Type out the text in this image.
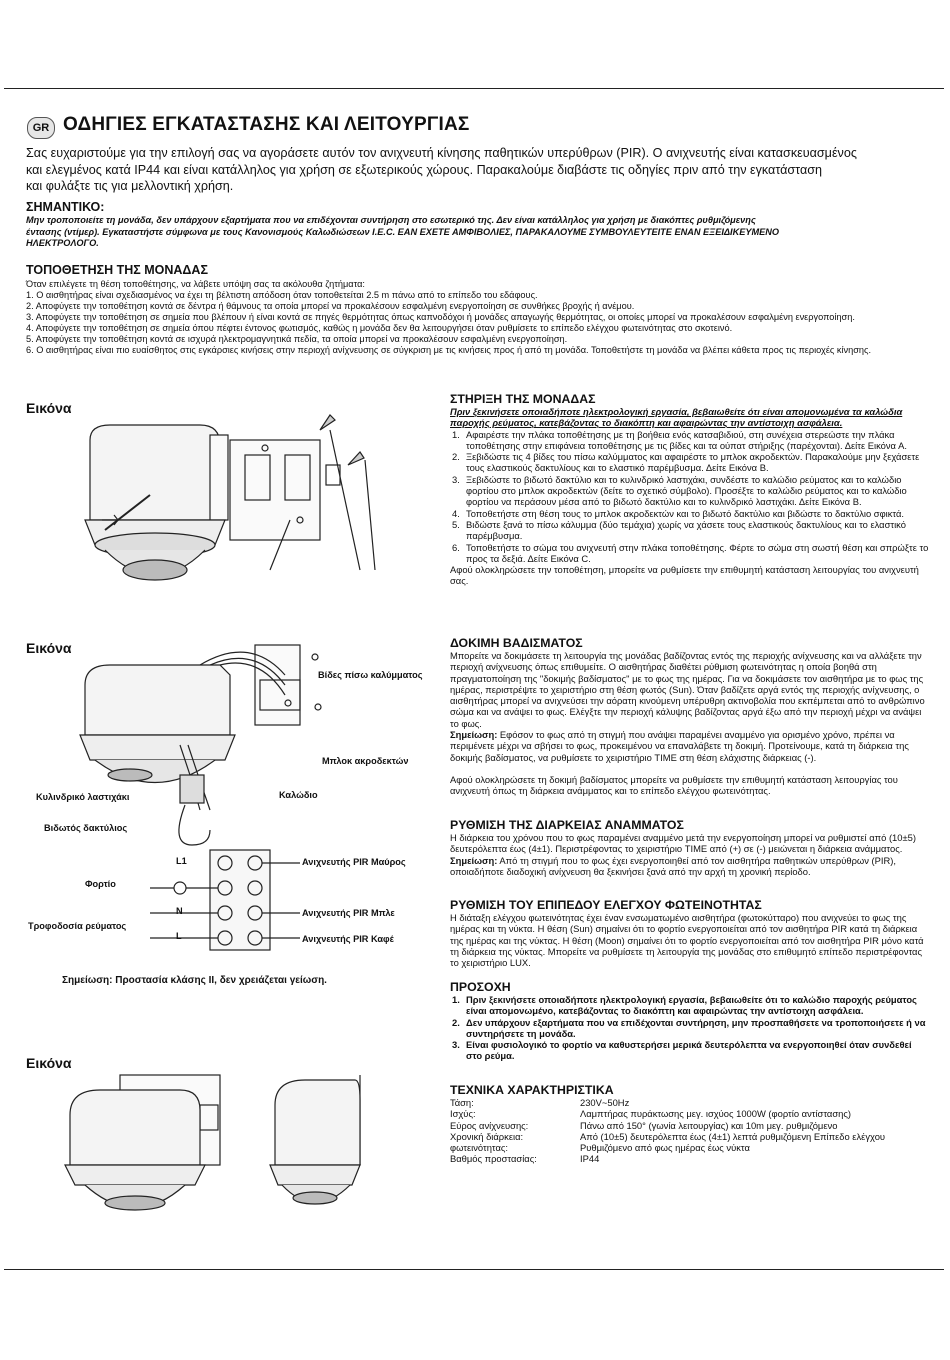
GR ΟΔΗΓΙΕΣ ΕΓΚΑΤΑΣΤΑΣΗΣ ΚΑΙ ΛΕΙΤΟΥΡΓΙΑΣ

Σας ευχαριστούμε για την επιλογή σας να αγοράσετε αυτόν τον ανιχνευτή κίνησης παθητικών υπερύθρων (PIR). Ο ανιχνευτής είναι κατασκευασμένος

και ελεγμένος κατά IP44 και είναι κατάλληλος για χρήση σε εξωτερικούς χώρους. Παρακαλούμε διαβάστε τις οδηγίες πριν από την εγκατάσταση

και φυλάξτε τις για μελλοντική χρήση.

ΣΗΜΑΝΤΙΚΟ:

Μην τροποποιείτε τη μονάδα, δεν υπάρχουν εξαρτήματα που να επιδέχονται συντήρηση στο εσωτερικό της. Δεν είναι κατάλληλος για χρήση με διακόπτες ρυθμιζόμενης
έντασης (ντίμερ). Εγκαταστήστε σύμφωνα με τους Κανονισμούς Καλωδιώσεων I.E.C. ΕΑΝ ΕΧΕΤΕ ΑΜΦΙΒΟΛΙΕΣ, ΠΑΡΑΚΑΛΟΥΜΕ ΣΥΜΒΟΥΛΕΥΤΕΙΤΕ ΕΝΑΝ ΕΞΕΙΔΙΚΕΥΜΕΝΟ
ΗΛΕΚΤΡΟΛΟΓΟ.

ΤΟΠΟΘΕΤΗΣΗ ΤΗΣ ΜΟΝΑΔΑΣ

Όταν επιλέγετε τη θέση τοποθέτησης, να λάβετε υπόψη σας τα ακόλουθα ζητήματα:
1. Ο αισθητήρας είναι σχεδιασμένος να έχει τη βέλτιστη απόδοση όταν τοποθετείται 2.5 m πάνω από το επίπεδο του εδάφους.
2. Αποφύγετε την τοποθέτηση κοντά σε δέντρα ή θάμνους τα οποία μπορεί να προκαλέσουν εσφαλμένη ενεργοποίηση σε συνθήκες βροχής ή ανέμου.
3. Αποφύγετε την τοποθέτηση σε σημεία που βλέπουν ή είναι κοντά σε πηγές θερμότητας όπως καπνοδόχοι ή μονάδες απαγωγής θερμότητας, οι οποίες μπορεί να προκαλέσουν εσφαλμένη ενεργοποίηση.
4. Αποφύγετε την τοποθέτηση σε σημεία όπου πέφτει έντονος φωτισμός, καθώς η μονάδα δεν θα λειτουργήσει όταν ρυθμίσετε το επίπεδο ελέγχου φωτεινότητας στο σκοτεινό.
5. Αποφύγετε την τοποθέτηση κοντά σε ισχυρά ηλεκτρομαγνητικά πεδία, τα οποία μπορεί να προκαλέσουν εσφαλμένη ενεργοποίηση.
6. Ο αισθητήρας είναι πιο ευαίσθητος στις εγκάρσιες κινήσεις στην περιοχή ανίχνευσης σε σύγκριση με τις κινήσεις προς ή από τη μονάδα. Τοποθετήστε τη μονάδα να βλέπει κάθετα προς τις περιοχές κίνησης.
Εικόνα
Εικόνα
Βίδες πίσω καλύμματος
Μπλοκ ακροδεκτών
Κυλινδρικό λαστιχάκι
Βιδωτός δακτύλιος
Καλώδιο
L1
N
L
Φορτίο
Τροφοδοσία ρεύματος
Ανιχνευτής PIR Μαύρος
Ανιχνευτής PIR Μπλε
Ανιχνευτής PIR Καφέ
Σημείωση: Προστασία κλάσης II, δεν χρειάζεται γείωση.
Εικόνα

ΣΤΗΡΙΞΗ ΤΗΣ ΜΟΝΑΔΑΣ

Πριν ξεκινήσετε οποιαδήποτε ηλεκτρολογική εργασία, βεβαιωθείτε ότι είναι απομονωμένα τα καλώδια παροχής ρεύματος, κατεβάζοντας το διακόπτη και αφαιρώντας την αντίστοιχη ασφάλεια.

1. Αφαιρέστε την πλάκα τοποθέτησης με τη βοήθεια ενός κατσαβιδιού, στη συνέχεια στερεώστε την πλάκα τοποθέτησης στην επιφάνεια τοποθέτησης με τις βίδες και τα ούπατ στήριξης (παρέχονται). Δείτε Εικόνα Α.
2. Ξεβιδώστε τις 4 βίδες του πίσω καλύμματος και αφαιρέστε το μπλοκ ακροδεκτών. Παρακαλούμε μην ξεχάσετε τους ελαστικούς δακτυλίους και το ελαστικό παρέμβυσμα. Δείτε Εικόνα Β.
3. Ξεβιδώστε το βιδωτό δακτύλιο και το κυλινδρικό λαστιχάκι, συνδέστε το καλώδιο ρεύματος και το καλώδιο φορτίου στο μπλοκ ακροδεκτών (δείτε το σχετικό σύμβολο). Προσέξτε το καλώδιο ρεύματος και το καλώδιο φορτίου να περάσουν μέσα από το βιδωτό δακτύλιο και το κυλινδρικό λαστιχάκι. Δείτε Εικόνα Β.
4. Τοποθετήστε στη θέση τους το μπλοκ ακροδεκτών και το βιδωτό δακτύλιο και βιδώστε το δακτύλιο σφικτά.
5. Βιδώστε ξανά το πίσω κάλυμμα (δύο τεμάχια) χωρίς να χάσετε τους ελαστικούς δακτυλίους και το ελαστικό παρέμβυσμα.
6. Τοποθετήστε το σώμα του ανιχνευτή στην πλάκα τοποθέτησης. Φέρτε το σώμα στη σωστή θέση και σπρώξτε το προς τα δεξιά. Δείτε Εικόνα C.

Αφού ολοκληρώσετε την τοποθέτηση, μπορείτε να ρυθμίσετε την επιθυμητή κατάσταση λειτουργίας του ανιχνευτή σας.

ΔΟΚΙΜΗ ΒΑΔΙΣΜΑΤΟΣ

Μπορείτε να δοκιμάσετε τη λειτουργία της μονάδας βαδίζοντας εντός της περιοχής ανίχνευσης και να αλλάξετε την περιοχή ανίχνευσης όπως επιθυμείτε. Ο αισθητήρας διαθέτει ρύθμιση φωτεινότητας η οποία βοηθά στη πραγματοποίηση της "δοκιμής βαδίσματος" με το φως της ημέρας. Για να δοκιμάσετε τον αισθητήρα με το φως της ημέρας, περιστρέψτε το χειριστήριο στη θέση φωτός (Sun). Όταν βαδίζετε αργά εντός της περιοχής ανίχνευσης, ο αισθητήρας μπορεί να ανιχνεύσει την αόρατη κινούμενη υπέρυθρη ακτινοβολία που εκπέμπεται από το ανθρώπινο σώμα και να ανάψει το φως. Ελέγξτε την περιοχή κάλυψης βαδίζοντας αργά έξω από την περιοχή μέχρι να ανάψει το φως.

Σημείωση: Εφόσον το φως από τη στιγμή που ανάψει παραμένει αναμμένο για ορισμένο χρόνο, πρέπει να περιμένετε μέχρι να σβήσει το φως, προκειμένου να επαναλάβετε τη δοκιμή. Προτείνουμε, κατά τη διάρκεια της δοκιμής βαδίσματος, να ρυθμίσετε το χειριστήριο TIME στη θέση ελάχιστης διάρκειας (-).

Αφού ολοκληρώσετε τη δοκιμή βαδίσματος μπορείτε να ρυθμίσετε την επιθυμητή κατάσταση λειτουργίας του ανιχνευτή όπως τη διάρκεια ανάμματος και το επίπεδο ελέγχου φωτεινότητας.

ΡΥΘΜΙΣΗ ΤΗΣ ΔΙΑΡΚΕΙΑΣ ΑΝΑΜΜΑΤΟΣ

Η διάρκεια του χρόνου που το φως παραμένει αναμμένο μετά την ενεργοποίηση μπορεί να ρυθμιστεί από (10±5) δευτερόλεπτα έως (4±1). Περιστρέφοντας το χειριστήριο TIME από (+) σε (-) μειώνεται η διάρκεια ανάμματος.

Σημείωση: Από τη στιγμή που το φως έχει ενεργοποιηθεί από τον αισθητήρα παθητικών υπερύθρων (PIR), οποιαδήποτε διαδοχική ανίχνευση θα ξεκινήσει ξανά από την αρχή τη χρονική περίοδο.

ΡΥΘΜΙΣΗ ΤΟΥ ΕΠΙΠΕΔΟΥ ΕΛΕΓΧΟΥ ΦΩΤΕΙΝΟΤΗΤΑΣ

Η διάταξη ελέγχου φωτεινότητας έχει έναν ενσωματωμένο αισθητήρα (φωτοκύτταρο) που ανιχνεύει το φως της ημέρας και τη νύκτα. Η θέση (Sun) σημαίνει ότι το φορτίο ενεργοποιείται από τον αισθητήρα PIR κατά τη διάρκεια της ημέρας και της νύκτας. Η θέση (Moon) σημαίνει ότι το φορτίο ενεργοποιείται από τον αισθητήρα PIR μόνο κατά τη διάρκεια της νύκτας. Μπορείτε να ρυθμίσετε τη λειτουργία της μονάδας στο επιθυμητό επίπεδο περιστρέφοντας το χειριστήριο LUX.

ΠΡΟΣΟΧΗ

1. Πριν ξεκινήσετε οποιαδήποτε ηλεκτρολογική εργασία, βεβαιωθείτε ότι το καλώδιο παροχής ρεύματος είναι απομονωμένο, κατεβάζοντας το διακόπτη και αφαιρώντας την αντίστοιχη ασφάλεια.
2. Δεν υπάρχουν εξαρτήματα που να επιδέχονται συντήρηση, μην προσπαθήσετε να τροποποιήσετε ή να συντηρήσετε τη μονάδα.
3. Είναι φυσιολογικό το φορτίο να καθυστερήσει μερικά δευτερόλεπτα να ενεργοποιηθεί όταν συνδεθεί στο ρεύμα.

ΤΕΧΝΙΚΑ ΧΑΡΑΚΤΗΡΙΣΤΙΚΑ

Τάση:	230V~50Hz
Ισχύς:	Λαμπτήρας πυράκτωσης μεγ. ισχύος 1000W (φορτίο αντίστασης)
Εύρος ανίχνευσης:	Πάνω από 150° (γωνία λειτουργίας) και 10m μεγ. ρυθμιζόμενο
Χρονική διάρκεια:	Από (10±5) δευτερόλεπτα έως (4±1) λεπτά ρυθμιζόμενη Επίπεδο ελέγχου
φωτεινότητας:	Ρυθμιζόμενο από φως ημέρας έως νύκτα
Βαθμός προστασίας:	IP44
